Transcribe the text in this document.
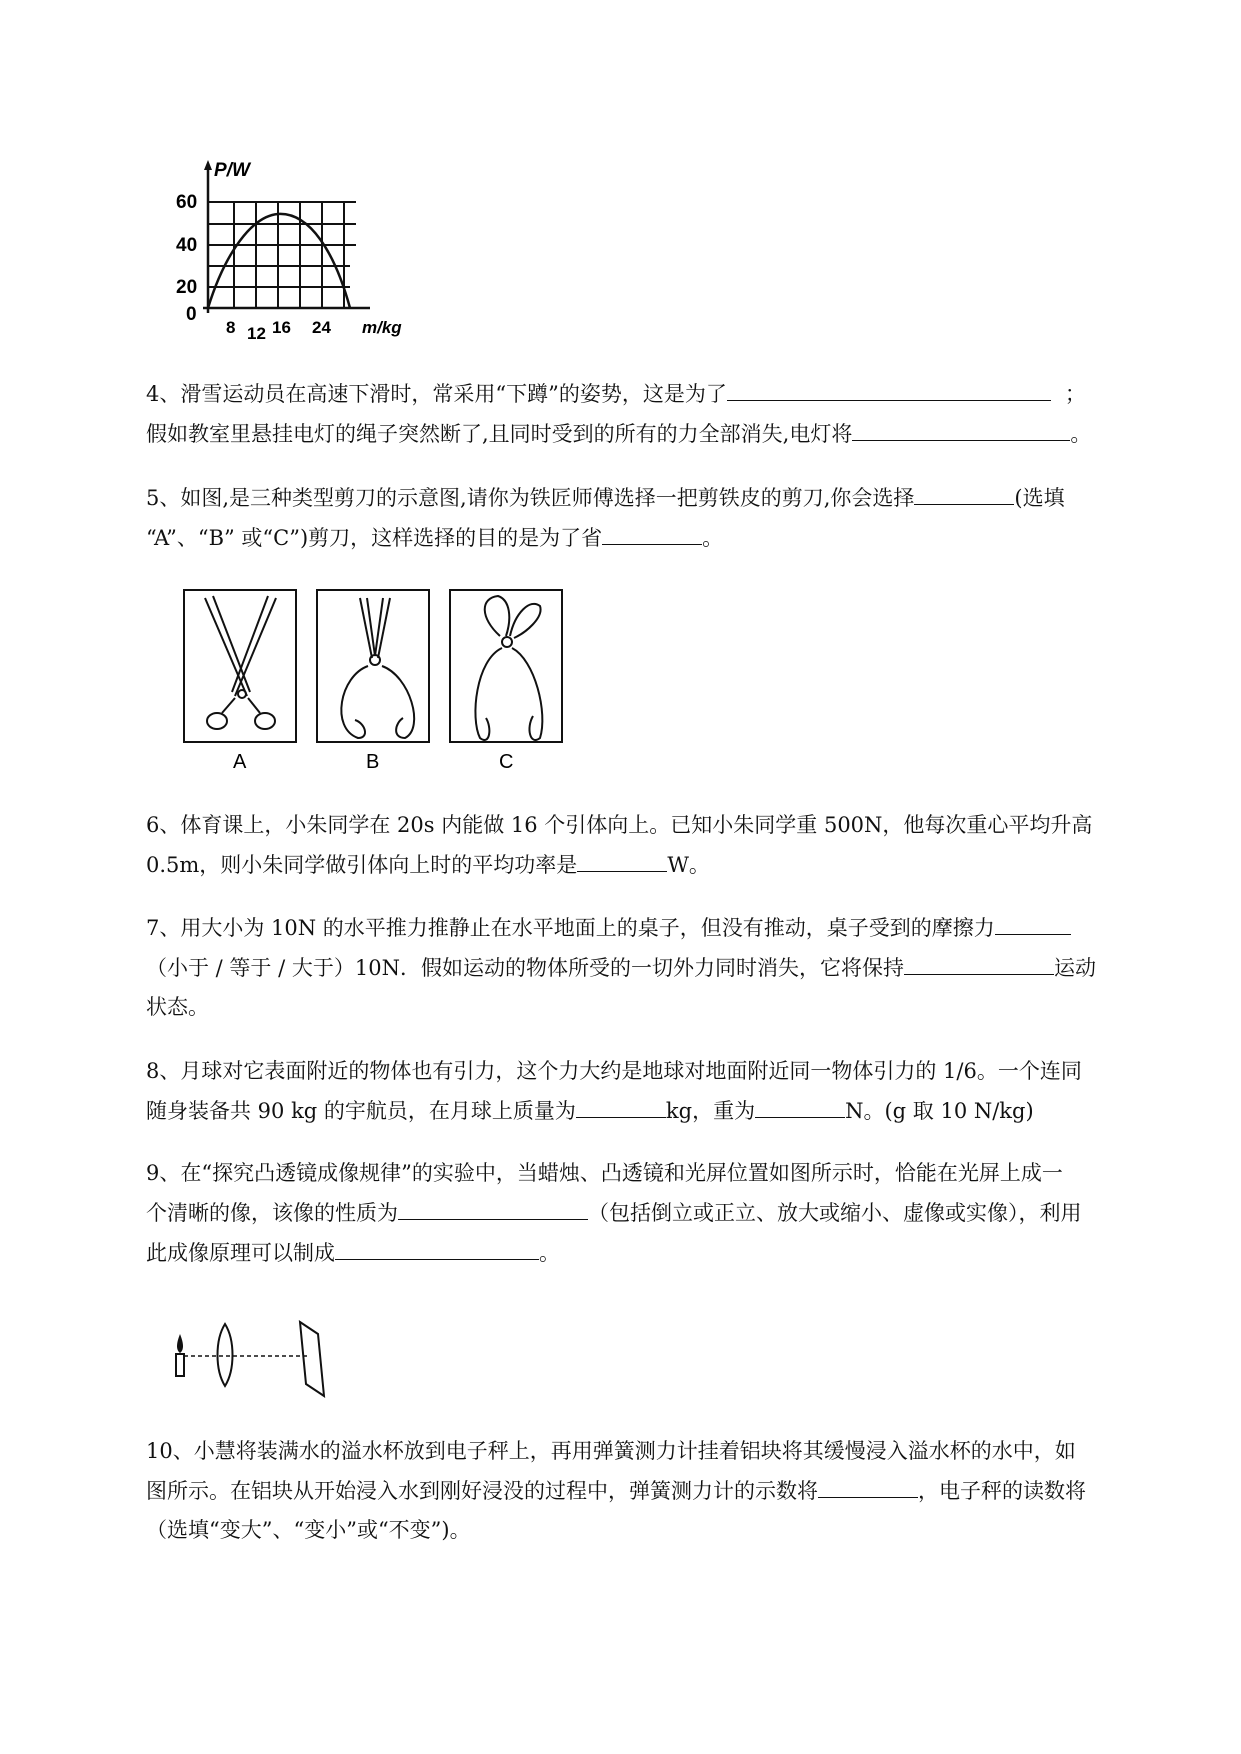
P/W
60
40
20
0
8 12 16 24 m/kg
4、滑雪运动员在高速下滑时，常采用“下蹲”的姿势，这是为了	；
假如教室里悬挂电灯的绳子突然断了,且同时受到的所有的力全部消失,电灯将	。
5、如图,是三种类型剪刀的示意图,请你为铁匠师傅选择一把剪铁皮的剪刀,你会选择	(选填
“A”、“B” 或“C”)剪刀，这样选择的目的是为了省	。
A	B	C
6、体育课上，小朱同学在 20s 内能做 16 个引体向上。已知小朱同学重 500N，他每次重心平均升高
0.5m，则小朱同学做引体向上时的平均功率是	W。
7、用大小为 10N 的水平推力推静止在水平地面上的桌子，但没有推动，桌子受到的摩擦力
（小于 / 等于 / 大于）10N．假如运动的物体所受的一切外力同时消失，它将保持	运动
状态。
8、月球对它表面附近的物体也有引力，这个力大约是地球对地面附近同一物体引力的 1/6。一个连同
随身装备共 90 kg 的宇航员，在月球上质量为	kg，重为	N。(g 取 10 N/kg)
9、在“探究凸透镜成像规律”的实验中，当蜡烛、凸透镜和光屏位置如图所示时，恰能在光屏上成一
个清晰的像，该像的性质为	（包括倒立或正立、放大或缩小、虚像或实像），利用
此成像原理可以制成	。
10、小慧将装满水的溢水杯放到电子秤上，再用弹簧测力计挂着铝块将其缓慢浸入溢水杯的水中，如
图所示。在铝块从开始浸入水到刚好浸没的过程中，弹簧测力计的示数将	，电子秤的读数将
（选填“变大”、“变小”或“不变”)。
